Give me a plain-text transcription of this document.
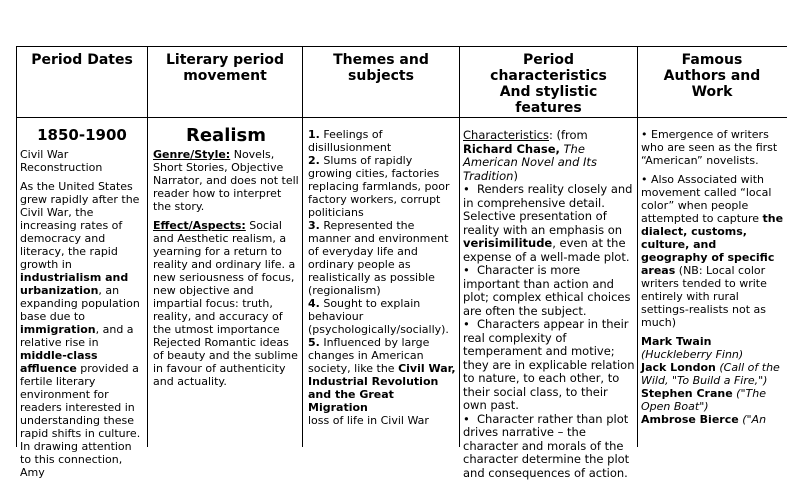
Period Dates	Literary period
movement
Themes and
subjects
Period
characteristics
And stylistic
features
Famous
Authors and
Work

1850-1900

Civil War

Reconstruction

As the United States grew rapidly after the Civil War, the increasing rates of democracy and literacy, the rapid growth in industrialism and urbanization, an expanding population base due to immigration, and a relative rise in middle-class affluence provided a fertile literary environment for readers interested in understanding these rapid shifts in culture. In drawing attention to this connection, Amy

Realism

Genre/Style: Novels, Short Stories, Objective Narrator, and does not tell reader how to interpret the story.

Effect/Aspects: Social and Aesthetic realism, a yearning for a return to reality and ordinary life. a new seriousness of focus, new objective and impartial focus: truth, reality, and accuracy of the utmost importance Rejected Romantic ideas of beauty and the sublime in favour of authenticity and actuality.

1. Feelings of disillusionment
2. Slums of rapidly growing cities, factories replacing farmlands, poor factory workers, corrupt politicians
3. Represented the manner and environment of everyday life and ordinary people as realistically as possible (regionalism)
4. Sought to explain behaviour (psychologically/socially).
5. Influenced by large changes in American society, like the Civil War, Industrial Revolution and the Great Migration
loss of life in Civil War
Characteristics: (from Richard Chase, The American Novel and Its Tradition)
• Renders reality closely and in comprehensive detail. Selective presentation of reality with an emphasis on verisimilitude, even at the expense of a well-made plot.
• Character is more important than action and plot; complex ethical choices are often the subject.
• Characters appear in their real complexity of temperament and motive; they are in explicable relation to nature, to each other, to their social class, to their own past.
• Character rather than plot drives narrative – the character and morals of the character determine the plot and consequences of action.

• Emergence of writers who are seen as the first “American” novelists.

• Also Associated with movement called “local color” when people attempted to capture the dialect, customs, culture, and geography of specific areas (NB: Local color writers tended to write entirely with rural settings-realists not as much)

Mark Twain
(Huckleberry Finn)
Jack London (Call of the Wild, "To Build a Fire,")
Stephen Crane ("The Open Boat")
Ambrose Bierce ("An
